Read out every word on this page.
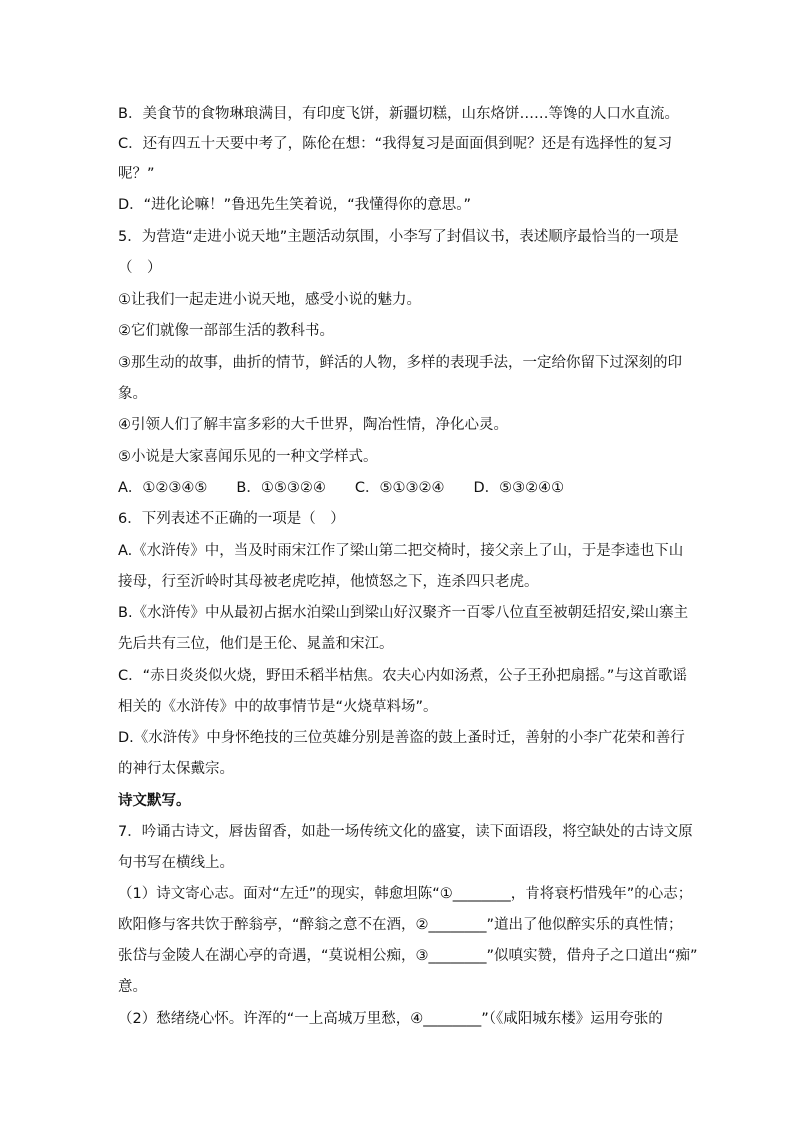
B．美食节的食物琳琅满目，有印度飞饼，新疆切糕，山东烙饼……等馋的人口水直流。
C．还有四五十天要中考了，陈伦在想：“我得复习是面面俱到呢？还是有选择性的复习
呢？”
D．“进化论嘛！”鲁迅先生笑着说，“我懂得你的意思。”
5．为营造“走进小说天地”主题活动氛围，小李写了封倡议书，表述顺序最恰当的一项是
（　）
①让我们一起走进小说天地，感受小说的魅力。
②它们就像一部部生活的教科书。
③那生动的故事，曲折的情节，鲜活的人物，多样的表现手法，一定给你留下过深刻的印
象。
④引领人们了解丰富多彩的大千世界，陶冶性情，净化心灵。
⑤小说是大家喜闻乐见的一种文学样式。
A．①②③④⑤　　B．①⑤③②④　　C．⑤①③②④　　D．⑤③②④①
6．下列表述不正确的一项是（　）
A.《水浒传》中，当及时雨宋江作了梁山第二把交椅时，接父亲上了山，于是李逵也下山
接母，行至沂岭时其母被老虎吃掉，他愤怒之下，连杀四只老虎。
B.《水浒传》中从最初占据水泊梁山到梁山好汉聚齐一百零八位直至被朝廷招安,梁山寨主
先后共有三位，他们是王伦、晁盖和宋江。
C．“赤日炎炎似火烧，野田禾稻半枯焦。农夫心内如汤煮，公子王孙把扇摇。”与这首歌谣
相关的《水浒传》中的故事情节是“火烧草料场”。
D.《水浒传》中身怀绝技的三位英雄分别是善盗的鼓上蚤时迁，善射的小李广花荣和善行
的神行太保戴宗。
诗文默写。
7．吟诵古诗文，唇齿留香，如赴一场传统文化的盛宴，读下面语段，将空缺处的古诗文原
句书写在横线上。
（1）诗文寄心志。面对“左迁”的现实，韩愈坦陈“①________，肯将衰朽惜残年”的心志；
欧阳修与客共饮于醉翁亭，“醉翁之意不在酒，②________”道出了他似醉实乐的真性情；
张岱与金陵人在湖心亭的奇遇，“莫说相公痴，③________”似嗔实赞，借舟子之口道出“痴”
意。
（2）愁绪绕心怀。许浑的“一上高城万里愁，④________”（《咸阳城东楼》运用夸张的
